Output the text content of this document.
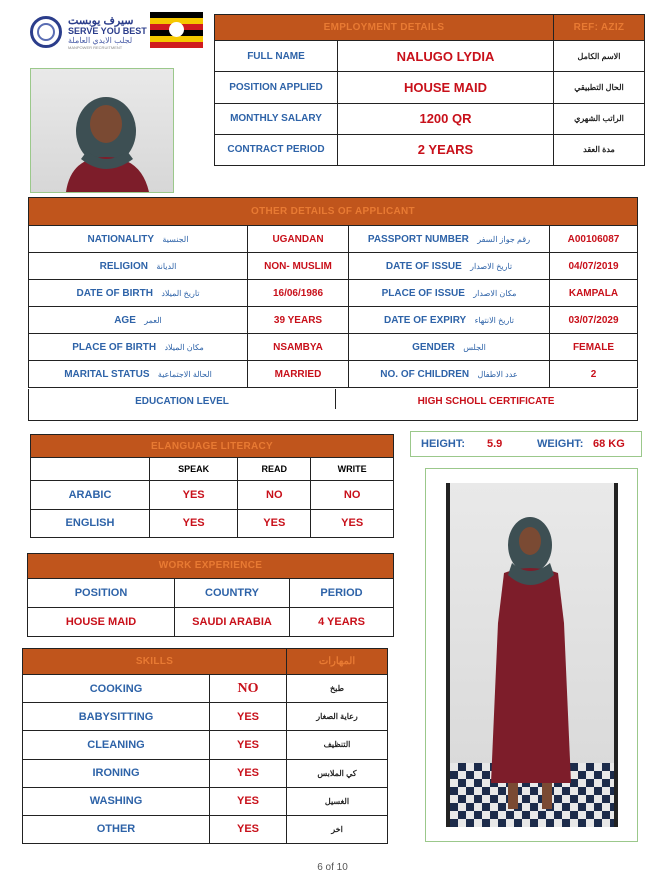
سيرف يوبست
SERVE YOU BEST
لجلب الايدي العاملة
MANPOWER RECRUITMENT
EMPLOYMENT DETAILS		REF: AZIZ
FULL NAME	NALUGO LYDIA	الاسم الكامل
POSITION APPLIED	HOUSE MAID	الحال التطبيقي
MONTHLY SALARY	1200 QR	الراتب الشهري
CONTRACT PERIOD	2 YEARS	مدة العقد
OTHER DETAILS OF APPLICANT			
NATIONALITY الجنسية	UGANDAN	PASSPORT NUMBER رقم جواز السفر	A00106087
RELIGION الديانة	NON- MUSLIM	DATE OF ISSUE تاريخ الاصدار	04/07/2019
DATE OF BIRTH تاريخ الميلاد	16/06/1986	PLACE OF ISSUE مكان الاصدار	KAMPALA
AGE العمر	39 YEARS	DATE OF EXPIRY تاريخ الانتهاء	03/07/2029
PLACE OF BIRTH مكان الميلاد	NSAMBYA	GENDER الجلس	FEMALE
MARITAL STATUS الحالة الاجتماعية	MARRIED	NO. OF CHILDREN عدد الاطفال	2
EDUCATION LEVEL	HIGH SCHOLL CERTIFICATE
ELANGUAGE LITERACY			
	SPEAK	READ	WRITE
ARABIC	YES	NO	NO
ENGLISH	YES	YES	YES
HEIGHT: 5.9	WEIGHT: 68 KG
WORK EXPERIENCE		
POSITION	COUNTRY	PERIOD
HOUSE MAID	SAUDI ARABIA	4 YEARS
SKILLS		المهارات
COOKING	NO	طبخ
BABYSITTING	YES	رعاية الصغار
CLEANING	YES	التنظيف
IRONING	YES	كي الملابس
WASHING	YES	الغسيل
OTHER	YES	اخر
6 of 10
